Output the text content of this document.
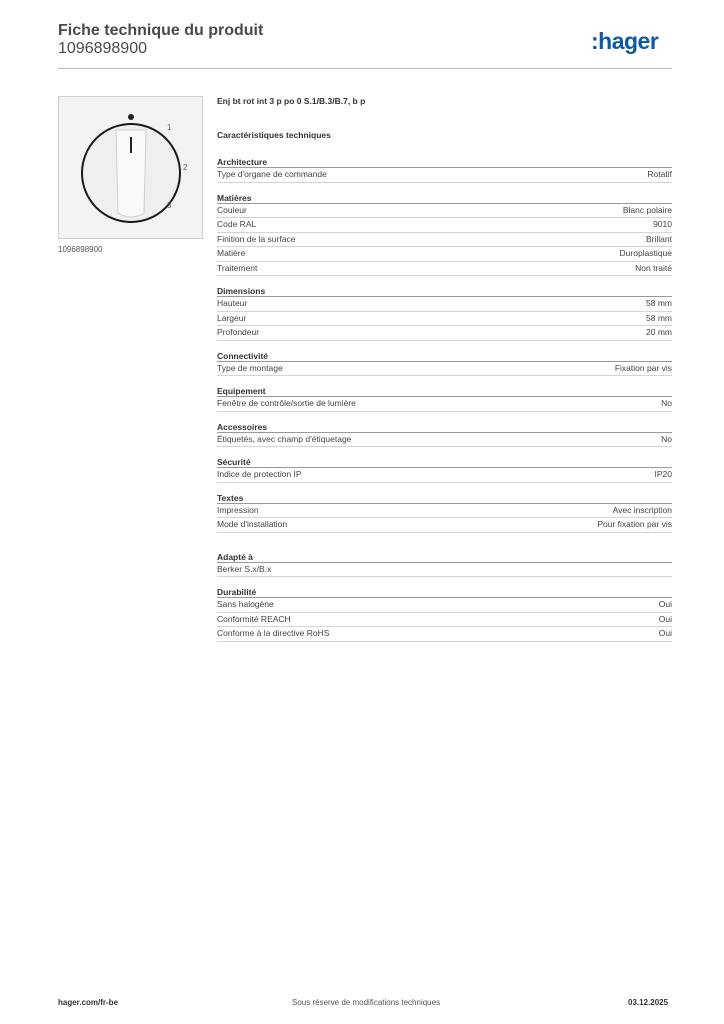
Fiche technique du produit
1096898900	:hager
1
2
3
1096898900
Enj bt rot int 3 p po 0 S.1/B.3/B.7, b p
Caractéristiques techniques
Architecture
Type d'organe de commande	Rotatif
Matières
Couleur	Blanc polaire
Code RAL	9010
Finition de la surface	Brillant
Matière	Duroplastique
Traitement	Non traité
Dimensions
Hauteur	58 mm
Largeur	58 mm
Profondeur	20 mm
Connectivité
Type de montage	Fixation par vis
Equipement
Fenêtre de contrôle/sortie de lumière	No
Accessoires
Étiquetés, avec champ d'étiquetage	No
Sécurité
Indice de protection IP	IP20
Textes
Impression	Avec inscription
Mode d'installation	Pour fixation par vis
Adapté à
Berker S.x/B.x
Durabilité
Sans halogène	Oui
Conformité REACH	Oui
Conforme à la directive RoHS	Oui
hager.com/fr-be	Sous réserve de modifications techniques	03.12.2025
